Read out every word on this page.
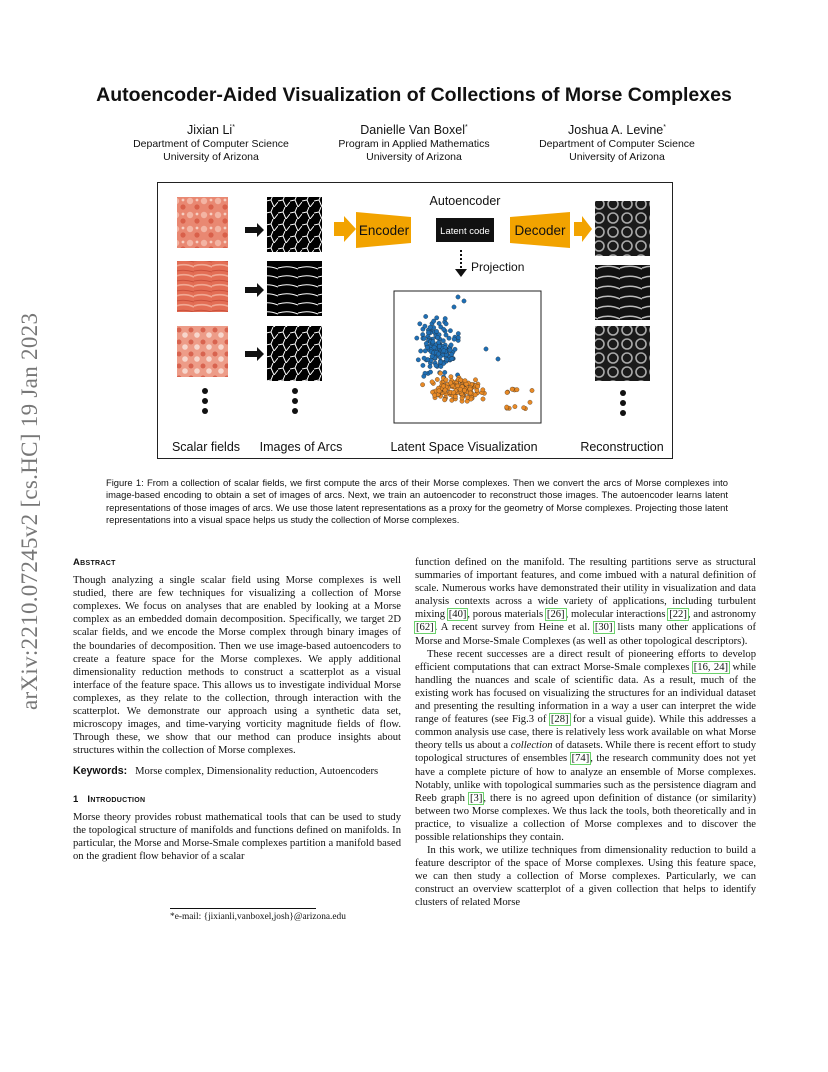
arXiv:2210.07245v2 [cs.HC] 19 Jan 2023
Autoencoder-Aided Visualization of Collections of Morse Complexes
Jixian Li*
Department of Computer Science
University of Arizona
Danielle Van Boxel*
Program in Applied Mathematics
University of Arizona
Joshua A. Levine*
Department of Computer Science
University of Arizona
Encoder	Latent code Decoder
Autoencoder
Projection
Scalar fields Images of Arcs	Latent Space Visualization	Reconstruction
Figure 1: From a collection of scalar fields, we first compute the arcs of their Morse complexes. Then we convert the arcs of Morse complexes into image-based encoding to obtain a set of images of arcs. Next, we train an autoencoder to reconstruct those images. The autoencoder learns latent representations of those images of arcs. We use those latent representations as a proxy for the geometry of Morse complexes. Projecting those latent representations into a visual space helps us study the collection of Morse complexes.
Abstract

Though analyzing a single scalar field using Morse complexes is well studied, there are few techniques for visualizing a collection of Morse complexes. We focus on analyses that are enabled by looking at a Morse complex as an embedded domain decomposition. Specifically, we target 2D scalar fields, and we encode the Morse complex through binary images of the boundaries of decomposition. Then we use image-based autoencoders to create a feature space for the Morse complexes. We apply additional dimensionality reduction methods to construct a scatterplot as a visual interface of the feature space. This allows us to investigate individual Morse complexes, as they relate to the collection, through interaction with the scatterplot. We demonstrate our approach using a synthetic data set, microscopy images, and time-varying vorticity magnitude fields of flow. Through these, we show that our method can produce insights about structures within the collection of Morse complexes.

Keywords: Morse complex, Dimensionality reduction, Autoencoders

1 Introduction

Morse theory provides robust mathematical tools that can be used to study the topological structure of manifolds and functions defined on manifolds. In particular, the Morse and Morse-Smale complexes partition a manifold based on the gradient flow behavior of a scalar

*e-mail: {jixianli,vanboxel,josh}@arizona.edu

function defined on the manifold. The resulting partitions serve as structural summaries of important features, and come imbued with a natural definition of scale. Numerous works have demonstrated their utility in visualization and data analysis contexts across a wide variety of applications, including turbulent mixing [40], porous materials [26], molecular interactions [22], and astronomy [62]. A recent survey from Heine et al. [30] lists many other applications of Morse and Morse-Smale Complexes (as well as other topological descriptors).

These recent successes are a direct result of pioneering efforts to develop efficient computations that can extract Morse-Smale complexes [16, 24] while handling the nuances and scale of scientific data. As a result, much of the existing work has focused on visualizing the structures for an individual dataset and presenting the resulting information in a way a user can interpret the wide range of features (see Fig.3 of [28] for a visual guide). While this addresses a common analysis use case, there is relatively less work available on what Morse theory tells us about a collection of datasets. While there is recent effort to study topological structures of ensembles [74], the research community does not yet have a complete picture of how to analyze an ensemble of Morse complexes. Notably, unlike with topological summaries such as the persistence diagram and Reeb graph [3], there is no agreed upon definition of distance (or similarity) between two Morse complexes. We thus lack the tools, both theoretically and in practice, to visualize a collection of Morse complexes and to discover the possible relationships they contain.

In this work, we utilize techniques from dimensionality reduction to build a feature descriptor of the space of Morse complexes. Using this feature space, we can then study a collection of Morse complexes. Particularly, we can construct an overview scatterplot of a given collection that helps to identify clusters of related Morse
